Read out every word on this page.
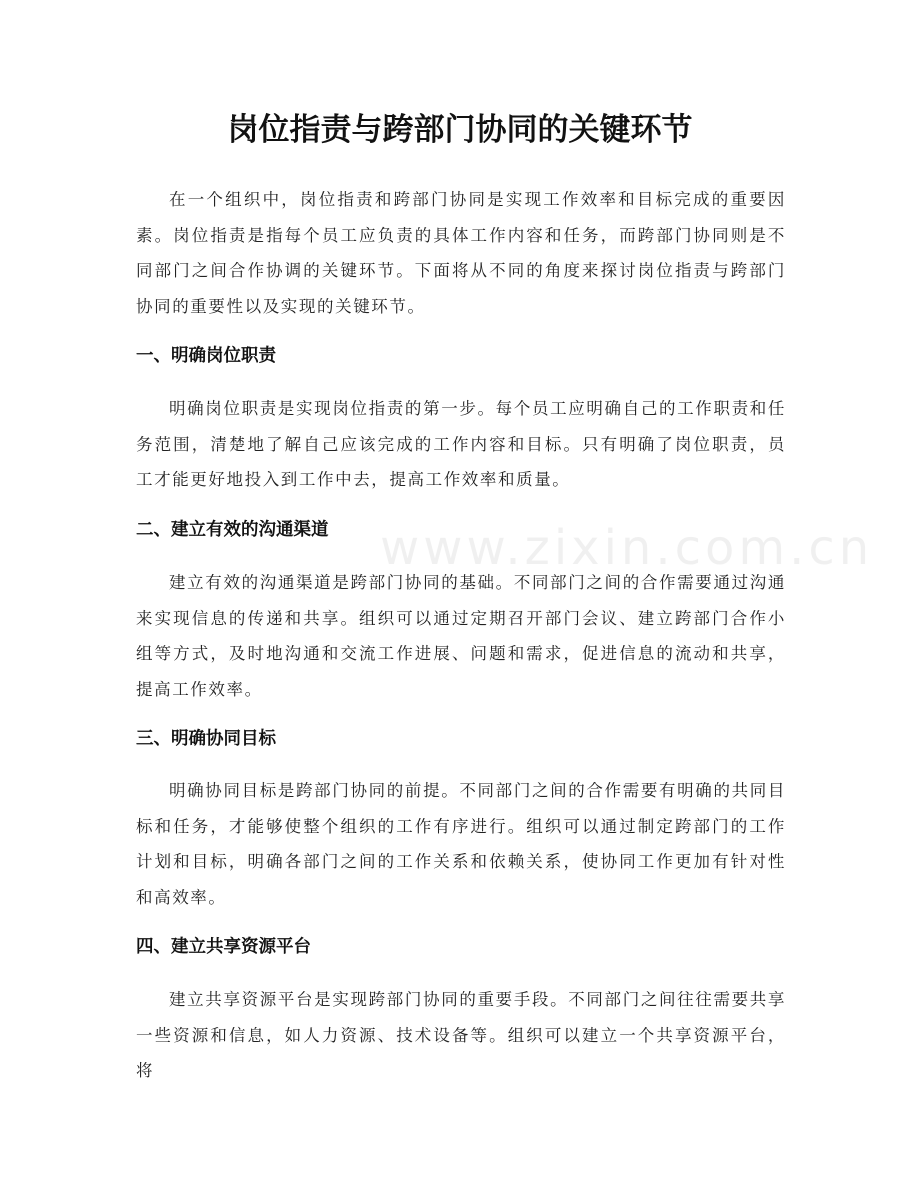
www.zixin.com.cn
岗位指责与跨部门协同的关键环节

在一个组织中，岗位指责和跨部门协同是实现工作效率和目标完成的重要因素。岗位指责是指每个员工应负责的具体工作内容和任务，而跨部门协同则是不同部门之间合作协调的关键环节。下面将从不同的角度来探讨岗位指责与跨部门协同的重要性以及实现的关键环节。

一、明确岗位职责

明确岗位职责是实现岗位指责的第一步。每个员工应明确自己的工作职责和任务范围，清楚地了解自己应该完成的工作内容和目标。只有明确了岗位职责，员工才能更好地投入到工作中去，提高工作效率和质量。

二、建立有效的沟通渠道

建立有效的沟通渠道是跨部门协同的基础。不同部门之间的合作需要通过沟通来实现信息的传递和共享。组织可以通过定期召开部门会议、建立跨部门合作小组等方式，及时地沟通和交流工作进展、问题和需求，促进信息的流动和共享，提高工作效率。

三、明确协同目标

明确协同目标是跨部门协同的前提。不同部门之间的合作需要有明确的共同目标和任务，才能够使整个组织的工作有序进行。组织可以通过制定跨部门的工作计划和目标，明确各部门之间的工作关系和依赖关系，使协同工作更加有针对性和高效率。

四、建立共享资源平台

建立共享资源平台是实现跨部门协同的重要手段。不同部门之间往往需要共享一些资源和信息，如人力资源、技术设备等。组织可以建立一个共享资源平台，将
